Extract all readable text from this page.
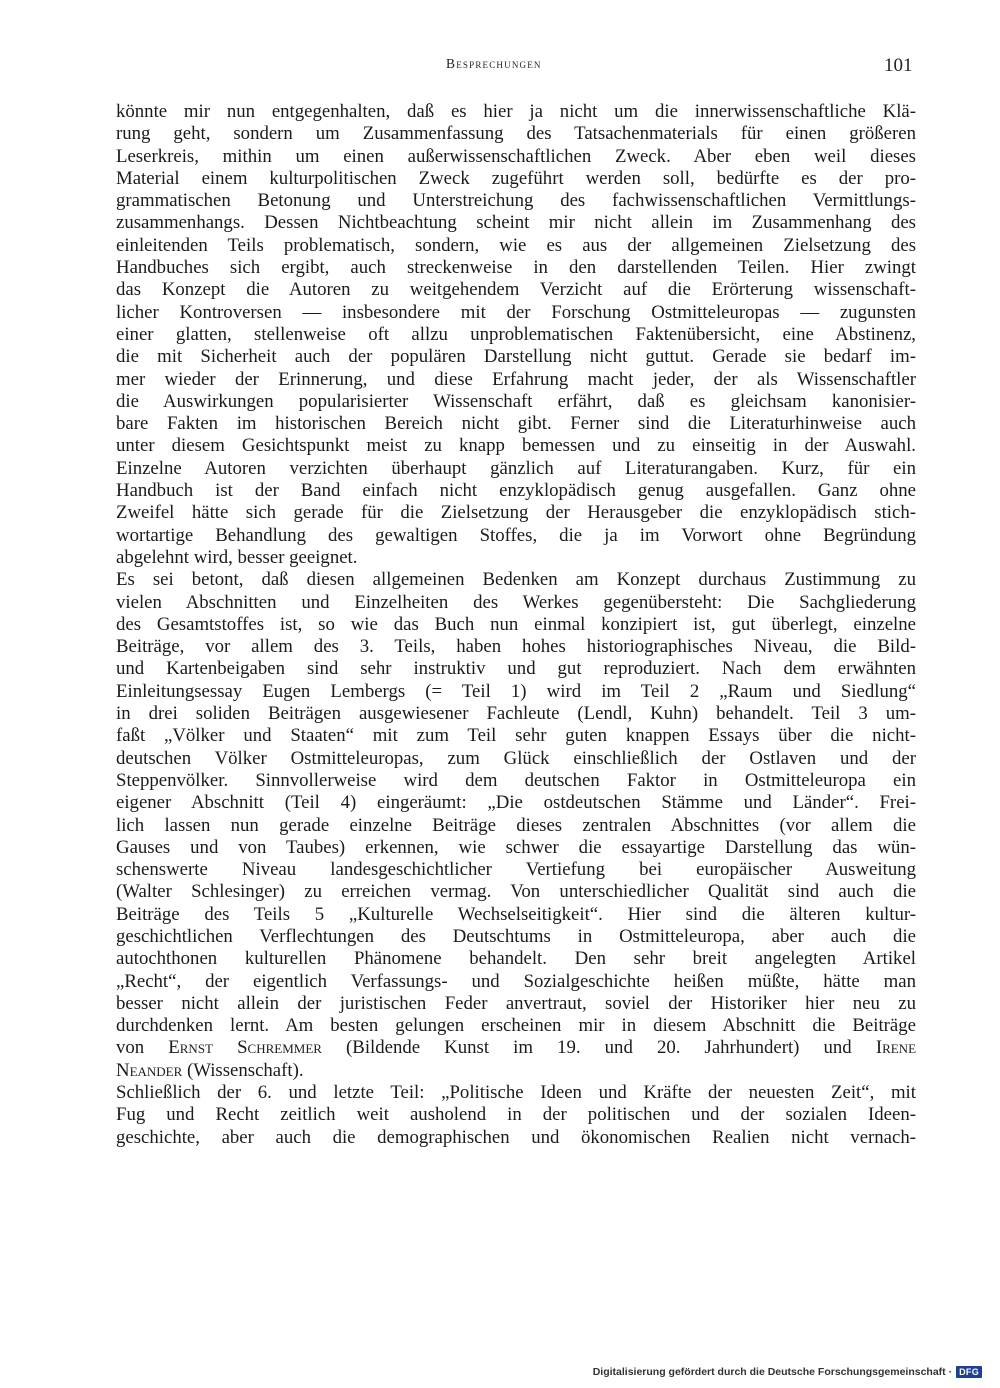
Besprechungen	101
könnte mir nun entgegenhalten, daß es hier ja nicht um die innerwissenschaftliche Klä-
rung geht, sondern um Zusammenfassung des Tatsachenmaterials für einen größeren
Leserkreis, mithin um einen außerwissenschaftlichen Zweck. Aber eben weil dieses
Material einem kulturpolitischen Zweck zugeführt werden soll, bedürfte es der pro-
grammatischen Betonung und Unterstreichung des fachwissenschaftlichen Vermittlungs-
zusammenhangs. Dessen Nichtbeachtung scheint mir nicht allein im Zusammenhang des
einleitenden Teils problematisch, sondern, wie es aus der allgemeinen Zielsetzung des
Handbuches sich ergibt, auch streckenweise in den darstellenden Teilen. Hier zwingt
das Konzept die Autoren zu weitgehendem Verzicht auf die Erörterung wissenschaft-
licher Kontroversen — insbesondere mit der Forschung Ostmitteleuropas — zugunsten
einer glatten, stellenweise oft allzu unproblematischen Faktenübersicht, eine Abstinenz,
die mit Sicherheit auch der populären Darstellung nicht guttut. Gerade sie bedarf im-
mer wieder der Erinnerung, und diese Erfahrung macht jeder, der als Wissenschaftler
die Auswirkungen popularisierter Wissenschaft erfährt, daß es gleichsam kanonisier-
bare Fakten im historischen Bereich nicht gibt. Ferner sind die Literaturhinweise auch
unter diesem Gesichtspunkt meist zu knapp bemessen und zu einseitig in der Auswahl.
Einzelne Autoren verzichten überhaupt gänzlich auf Literaturangaben. Kurz, für ein
Handbuch ist der Band einfach nicht enzyklopädisch genug ausgefallen. Ganz ohne
Zweifel hätte sich gerade für die Zielsetzung der Herausgeber die enzyklopädisch stich-
wortartige Behandlung des gewaltigen Stoffes, die ja im Vorwort ohne Begründung
abgelehnt wird, besser geeignet.
Es sei betont, daß diesen allgemeinen Bedenken am Konzept durchaus Zustimmung zu
vielen Abschnitten und Einzelheiten des Werkes gegenübersteht: Die Sachgliederung
des Gesamtstoffes ist, so wie das Buch nun einmal konzipiert ist, gut überlegt, einzelne
Beiträge, vor allem des 3. Teils, haben hohes historiographisches Niveau, die Bild-
und Kartenbeigaben sind sehr instruktiv und gut reproduziert. Nach dem erwähnten
Einleitungsessay Eugen Lembergs (= Teil 1) wird im Teil 2 „Raum und Siedlung“
in drei soliden Beiträgen ausgewiesener Fachleute (Lendl, Kuhn) behandelt. Teil 3 um-
faßt „Völker und Staaten“ mit zum Teil sehr guten knappen Essays über die nicht-
deutschen Völker Ostmitteleuropas, zum Glück einschließlich der Ostlaven und der
Steppenvölker. Sinnvollerweise wird dem deutschen Faktor in Ostmitteleuropa ein
eigener Abschnitt (Teil 4) eingeräumt: „Die ostdeutschen Stämme und Länder“. Frei-
lich lassen nun gerade einzelne Beiträge dieses zentralen Abschnittes (vor allem die
Gauses und von Taubes) erkennen, wie schwer die essayartige Darstellung das wün-
schenswerte Niveau landesgeschichtlicher Vertiefung bei europäischer Ausweitung
(Walter Schlesinger) zu erreichen vermag. Von unterschiedlicher Qualität sind auch die
Beiträge des Teils 5 „Kulturelle Wechselseitigkeit“. Hier sind die älteren kultur-
geschichtlichen Verflechtungen des Deutschtums in Ostmitteleuropa, aber auch die
autochthonen kulturellen Phänomene behandelt. Den sehr breit angelegten Artikel
„Recht“, der eigentlich Verfassungs- und Sozialgeschichte heißen müßte, hätte man
besser nicht allein der juristischen Feder anvertraut, soviel der Historiker hier neu zu
durchdenken lernt. Am besten gelungen erscheinen mir in diesem Abschnitt die Beiträge
von Ernst Schremmer (Bildende Kunst im 19. und 20. Jahrhundert) und Irene
Neander (Wissenschaft).
Schließlich der 6. und letzte Teil: „Politische Ideen und Kräfte der neuesten Zeit“, mit
Fug und Recht zeitlich weit ausholend in der politischen und der sozialen Ideen-
geschichte, aber auch die demographischen und ökonomischen Realien nicht vernach-
Digitalisierung gefördert durch die Deutsche Forschungsgemeinschaft · DFG
